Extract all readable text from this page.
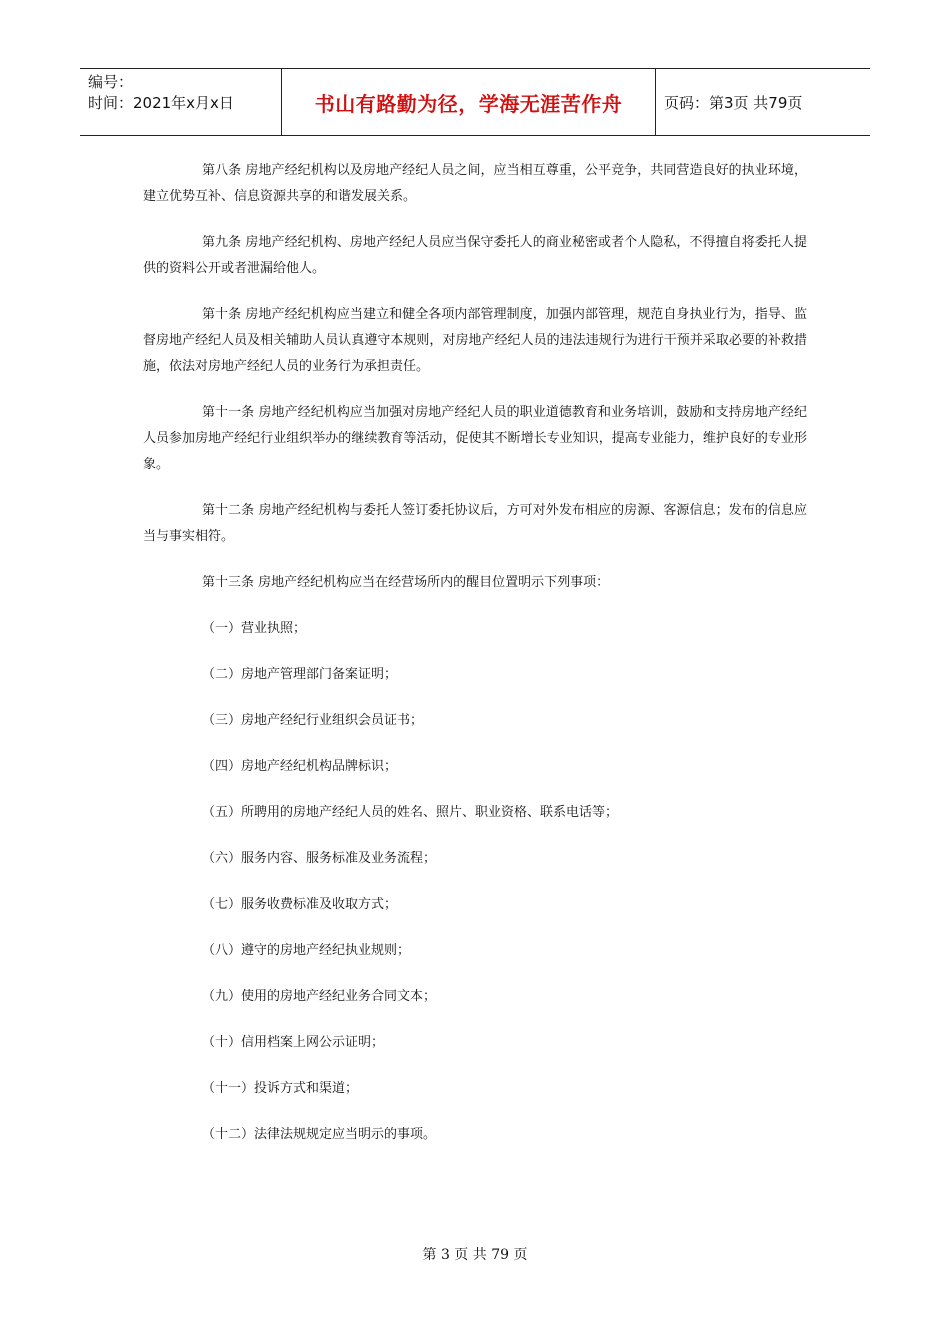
编号：
时间：2021年x月x日	书山有路勤为径，学海无涯苦作舟	页码：第3页 共79页

第八条 房地产经纪机构以及房地产经纪人员之间，应当相互尊重，公平竞争，共同营造良好的执业环境，建立优势互补、信息资源共享的和谐发展关系。

第九条 房地产经纪机构、房地产经纪人员应当保守委托人的商业秘密或者个人隐私，不得擅自将委托人提供的资料公开或者泄漏给他人。

第十条 房地产经纪机构应当建立和健全各项内部管理制度，加强内部管理，规范自身执业行为，指导、监督房地产经纪人员及相关辅助人员认真遵守本规则，对房地产经纪人员的违法违规行为进行干预并采取必要的补救措施，依法对房地产经纪人员的业务行为承担责任。

第十一条 房地产经纪机构应当加强对房地产经纪人员的职业道德教育和业务培训，鼓励和支持房地产经纪人员参加房地产经纪行业组织举办的继续教育等活动，促使其不断增长专业知识，提高专业能力，维护良好的专业形象。

第十二条 房地产经纪机构与委托人签订委托协议后，方可对外发布相应的房源、客源信息；发布的信息应当与事实相符。

第十三条 房地产经纪机构应当在经营场所内的醒目位置明示下列事项：

（一）营业执照；

（二）房地产管理部门备案证明；

（三）房地产经纪行业组织会员证书；

（四）房地产经纪机构品牌标识；

（五）所聘用的房地产经纪人员的姓名、照片、职业资格、联系电话等；

（六）服务内容、服务标准及业务流程；

（七）服务收费标准及收取方式；

（八）遵守的房地产经纪执业规则；

（九）使用的房地产经纪业务合同文本；

（十）信用档案上网公示证明；

（十一）投诉方式和渠道；

（十二）法律法规规定应当明示的事项。

第 3 页 共 79 页
